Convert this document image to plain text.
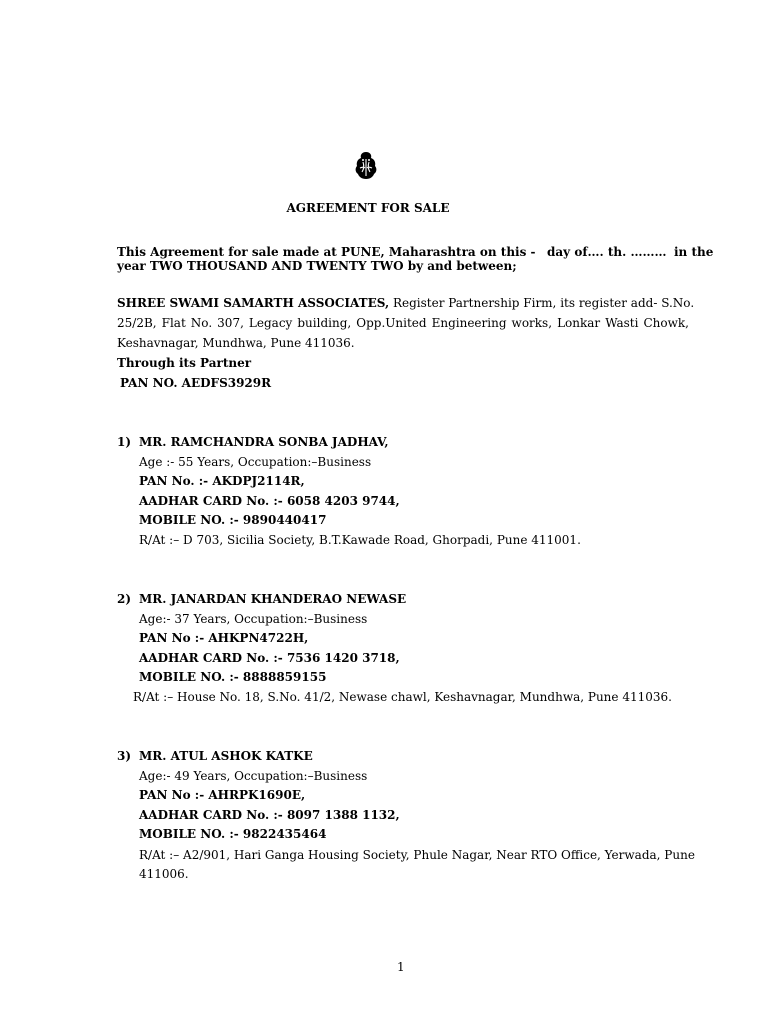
AGREEMENT FOR SALE
This Agreement for sale made at PUNE, Maharashtra on this - day of…. th. ……… in the
year TWO THOUSAND AND TWENTY TWO by and between;
SHREE SWAMI SAMARTH ASSOCIATES, Register Partnership Firm, its register add- S.No.
25/2B, Flat No. 307, Legacy building, Opp.United Engineering works, Lonkar Wasti Chowk,
Keshavnagar, Mundhwa, Pune 411036.
Through its Partner
PAN NO. AEDFS3929R
1) MR. RAMCHANDRA SONBA JADHAV,
Age :- 55 Years, Occupation:–Business
PAN No. :- AKDPJ2114R,
AADHAR CARD No. :- 6058 4203 9744,
MOBILE NO. :- 9890440417
R/At :– D 703, Sicilia Society, B.T.Kawade Road, Ghorpadi, Pune 411001.
2) MR. JANARDAN KHANDERAO NEWASE
Age:- 37 Years, Occupation:–Business
PAN No :- AHKPN4722H,
AADHAR CARD No. :- 7536 1420 3718,
MOBILE NO. :- 8888859155
R/At :– House No. 18, S.No. 41/2, Newase chawl, Keshavnagar, Mundhwa, Pune 411036.
3) MR. ATUL ASHOK KATKE
Age:- 49 Years, Occupation:–Business
PAN No :- AHRPK1690E,
AADHAR CARD No. :- 8097 1388 1132,
MOBILE NO. :- 9822435464
R/At :– A2/901, Hari Ganga Housing Society, Phule Nagar, Near RTO Office, Yerwada, Pune
411006.
1
